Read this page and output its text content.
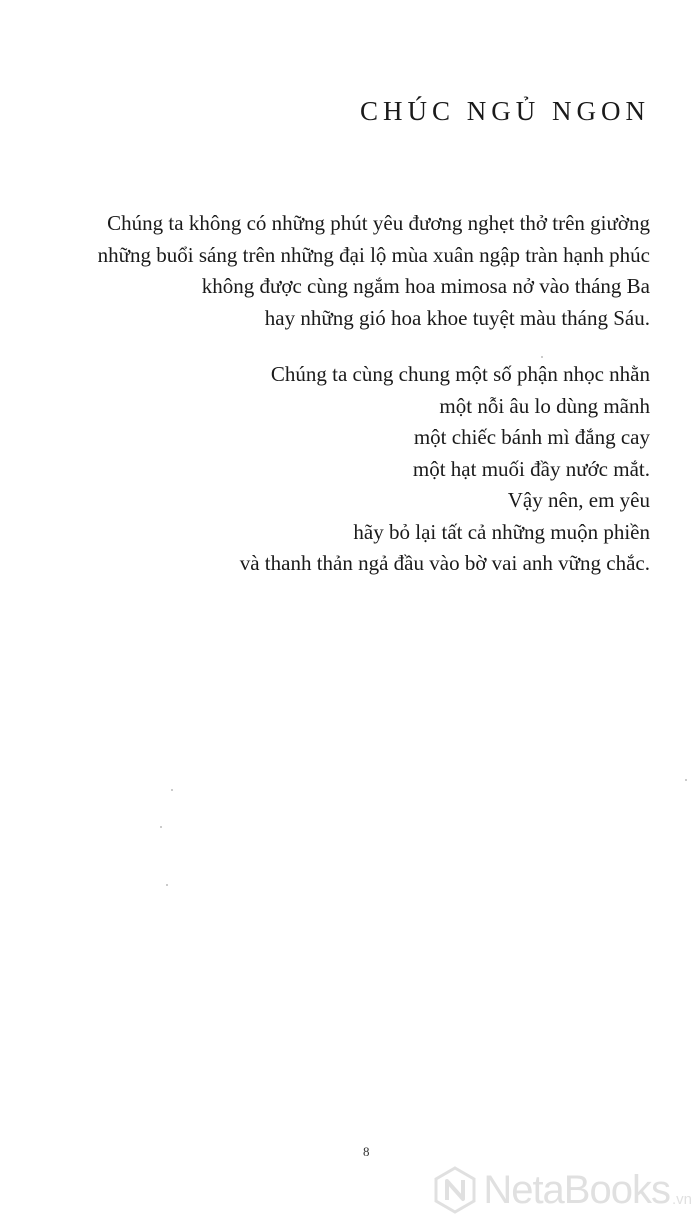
CHÚC NGỦ NGON

Chúng ta không có những phút yêu đương nghẹt thở trên giường
những buổi sáng trên những đại lộ mùa xuân ngập tràn hạnh phúc
không được cùng ngắm hoa mimosa nở vào tháng Ba
hay những gió hoa khoe tuyệt màu tháng Sáu.

Chúng ta cùng chung một số phận nhọc nhằn
một nỗi âu lo dùng mãnh
một chiếc bánh mì đắng cay
một hạt muối đầy nước mắt.
Vậy nên, em yêu
hãy bỏ lại tất cả những muộn phiền
và thanh thản ngả đầu vào bờ vai anh vững chắc.

8
NetaBooks .vn
